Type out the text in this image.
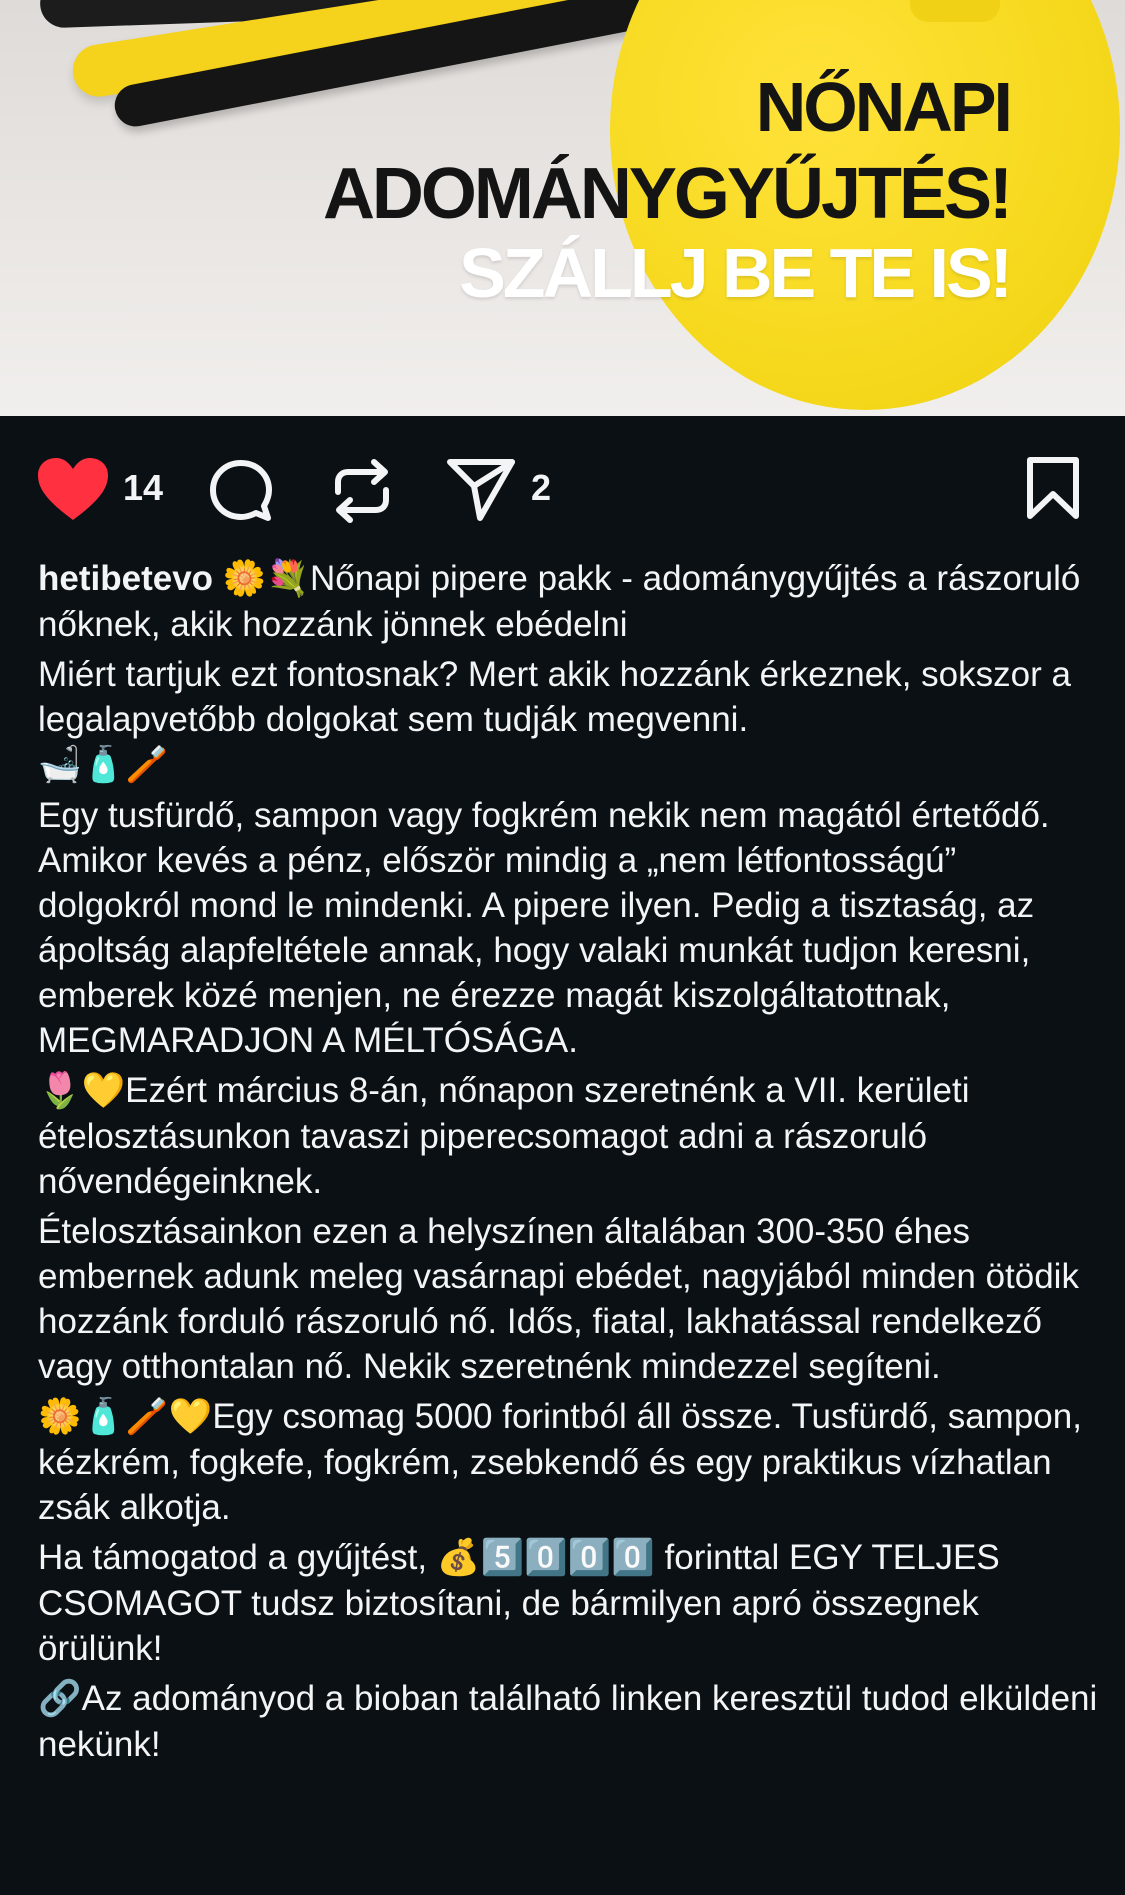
NŐNAPI
ADOMÁNYGYŰJTÉS!
SZÁLLJ BE TE IS!
14	2

hetibetevo 🌼💐Nőnapi pipere pakk - adománygyűjtés a rászoruló nőknek, akik hozzánk jönnek ebédelni

Miért tartjuk ezt fontosnak? Mert akik hozzánk érkeznek, sokszor a legalapvetőbb dolgokat sem tudják megvenni.
🛁🧴🪥

Egy tusfürdő, sampon vagy fogkrém nekik nem magától értetődő. Amikor kevés a pénz, először mindig a „nem létfontosságú” dolgokról mond le mindenki. A pipere ilyen. Pedig a tisztaság, az ápoltság alapfeltétele annak, hogy valaki munkát tudjon keresni, emberek közé menjen, ne érezze magát kiszolgáltatottnak, MEGMARADJON A MÉLTÓSÁGA.

🌷💛Ezért március 8-án, nőnapon szeretnénk a VII. kerületi ételosztásunkon tavaszi piperecsomagot adni a rászoruló nővendégeinknek.

Ételosztásainkon ezen a helyszínen általában 300-350 éhes embernek adunk meleg vasárnapi ebédet, nagyjából minden ötödik hozzánk forduló rászoruló nő. Idős, fiatal, lakhatással rendelkező vagy otthontalan nő. Nekik szeretnénk mindezzel segíteni.

🌼🧴🪥💛Egy csomag 5000 forintból áll össze. Tusfürdő, sampon, kézkrém, fogkefe, fogkrém, zsebkendő és egy praktikus vízhatlan zsák alkotja.

Ha támogatod a gyűjtést, 💰5️⃣0️⃣0️⃣0️⃣ forinttal EGY TELJES CSOMAGOT tudsz biztosítani, de bármilyen apró összegnek örülünk!

🔗Az adományod a bioban található linken keresztül tudod elküldeni nekünk!
